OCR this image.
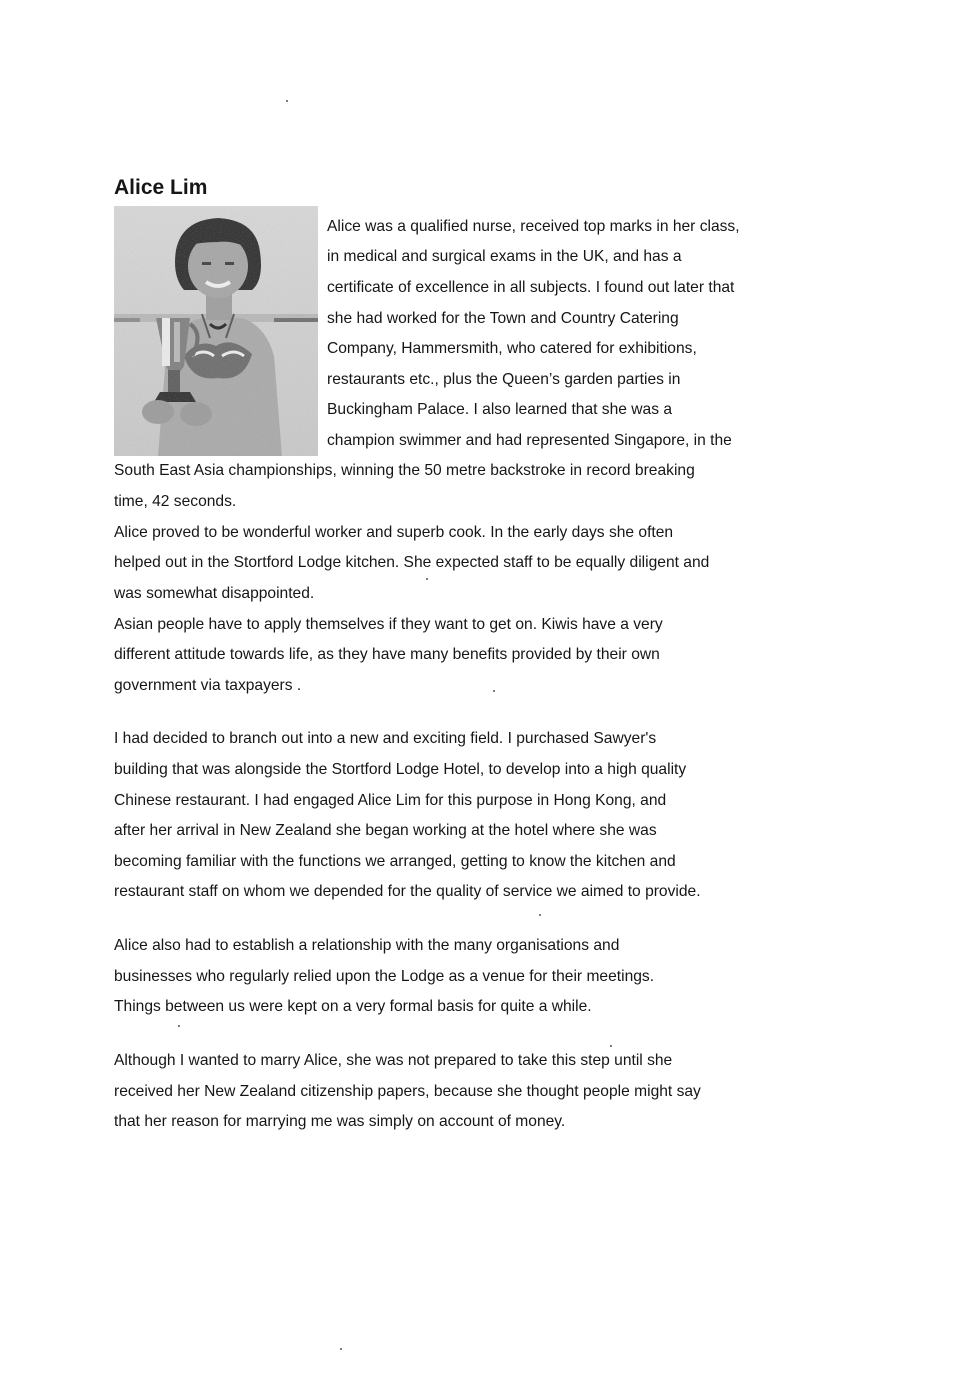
Alice Lim

Alice was a qualified nurse, received top marks in her class,

in medical and surgical exams in the UK, and has a

certificate of excellence in all subjects. I found out later that

she had worked for the Town and Country Catering

Company, Hammersmith, who catered for exhibitions,

restaurants etc., plus the Queen’s garden parties in

Buckingham Palace. I also learned that she was a

champion swimmer and had represented Singapore, in the

South East Asia championships, winning the 50 metre backstroke in record breaking

time, 42 seconds.

Alice proved to be wonderful worker and superb cook. In the early days she often

helped out in the Stortford Lodge kitchen. She expected staff to be equally diligent and

was somewhat disappointed.

Asian people have to apply themselves if they want to get on. Kiwis have a very

different attitude towards life, as they have many benefits provided by their own

government via taxpayers .

I had decided to branch out into a new and exciting field. I purchased Sawyer's

building that was alongside the Stortford Lodge Hotel, to develop into a high quality

Chinese restaurant. I had engaged Alice Lim for this purpose in Hong Kong, and

after her arrival in New Zealand she began working at the hotel where she was

becoming familiar with the functions we arranged, getting to know the kitchen and

restaurant staff on whom we depended for the quality of service we aimed to provide.

Alice also had to establish a relationship with the many organisations and

businesses who regularly relied upon the Lodge as a venue for their meetings.

Things between us were kept on a very formal basis for quite a while.

Although I wanted to marry Alice, she was not prepared to take this step until she

received her New Zealand citizenship papers, because she thought people might say

that her reason for marrying me was simply on account of money.
